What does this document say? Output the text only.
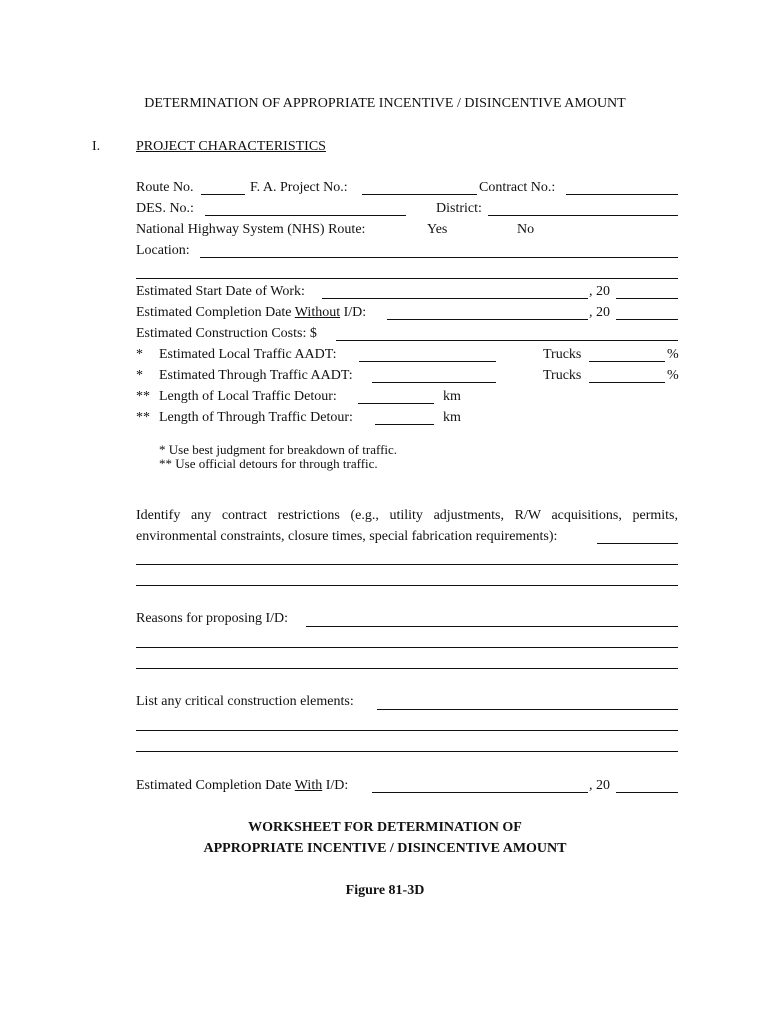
DETERMINATION OF APPROPRIATE INCENTIVE / DISINCENTIVE AMOUNT
I.	PROJECT CHARACTERISTICS
Route No.	F. A. Project No.:	Contract No.:
DES. No.:	District:
National Highway System (NHS) Route:	Yes	No
Location:
Estimated Start Date of Work:	, 20
Estimated Completion Date Without I/D:	, 20
Estimated Construction Costs: $
* Estimated Local Traffic AADT:	Trucks	%
* Estimated Through Traffic AADT:	Trucks	%
** Length of Local Traffic Detour:	km
** Length of Through Traffic Detour:	km
* Use best judgment for breakdown of traffic.
** Use official detours for through traffic.
Identify any contract restrictions (e.g., utility adjustments, R/W acquisitions, permits,
environmental constraints, closure times, special fabrication requirements):
Reasons for proposing I/D:
List any critical construction elements:
Estimated Completion Date With I/D:	, 20
WORKSHEET FOR DETERMINATION OF
APPROPRIATE INCENTIVE / DISINCENTIVE AMOUNT
Figure 81-3D
